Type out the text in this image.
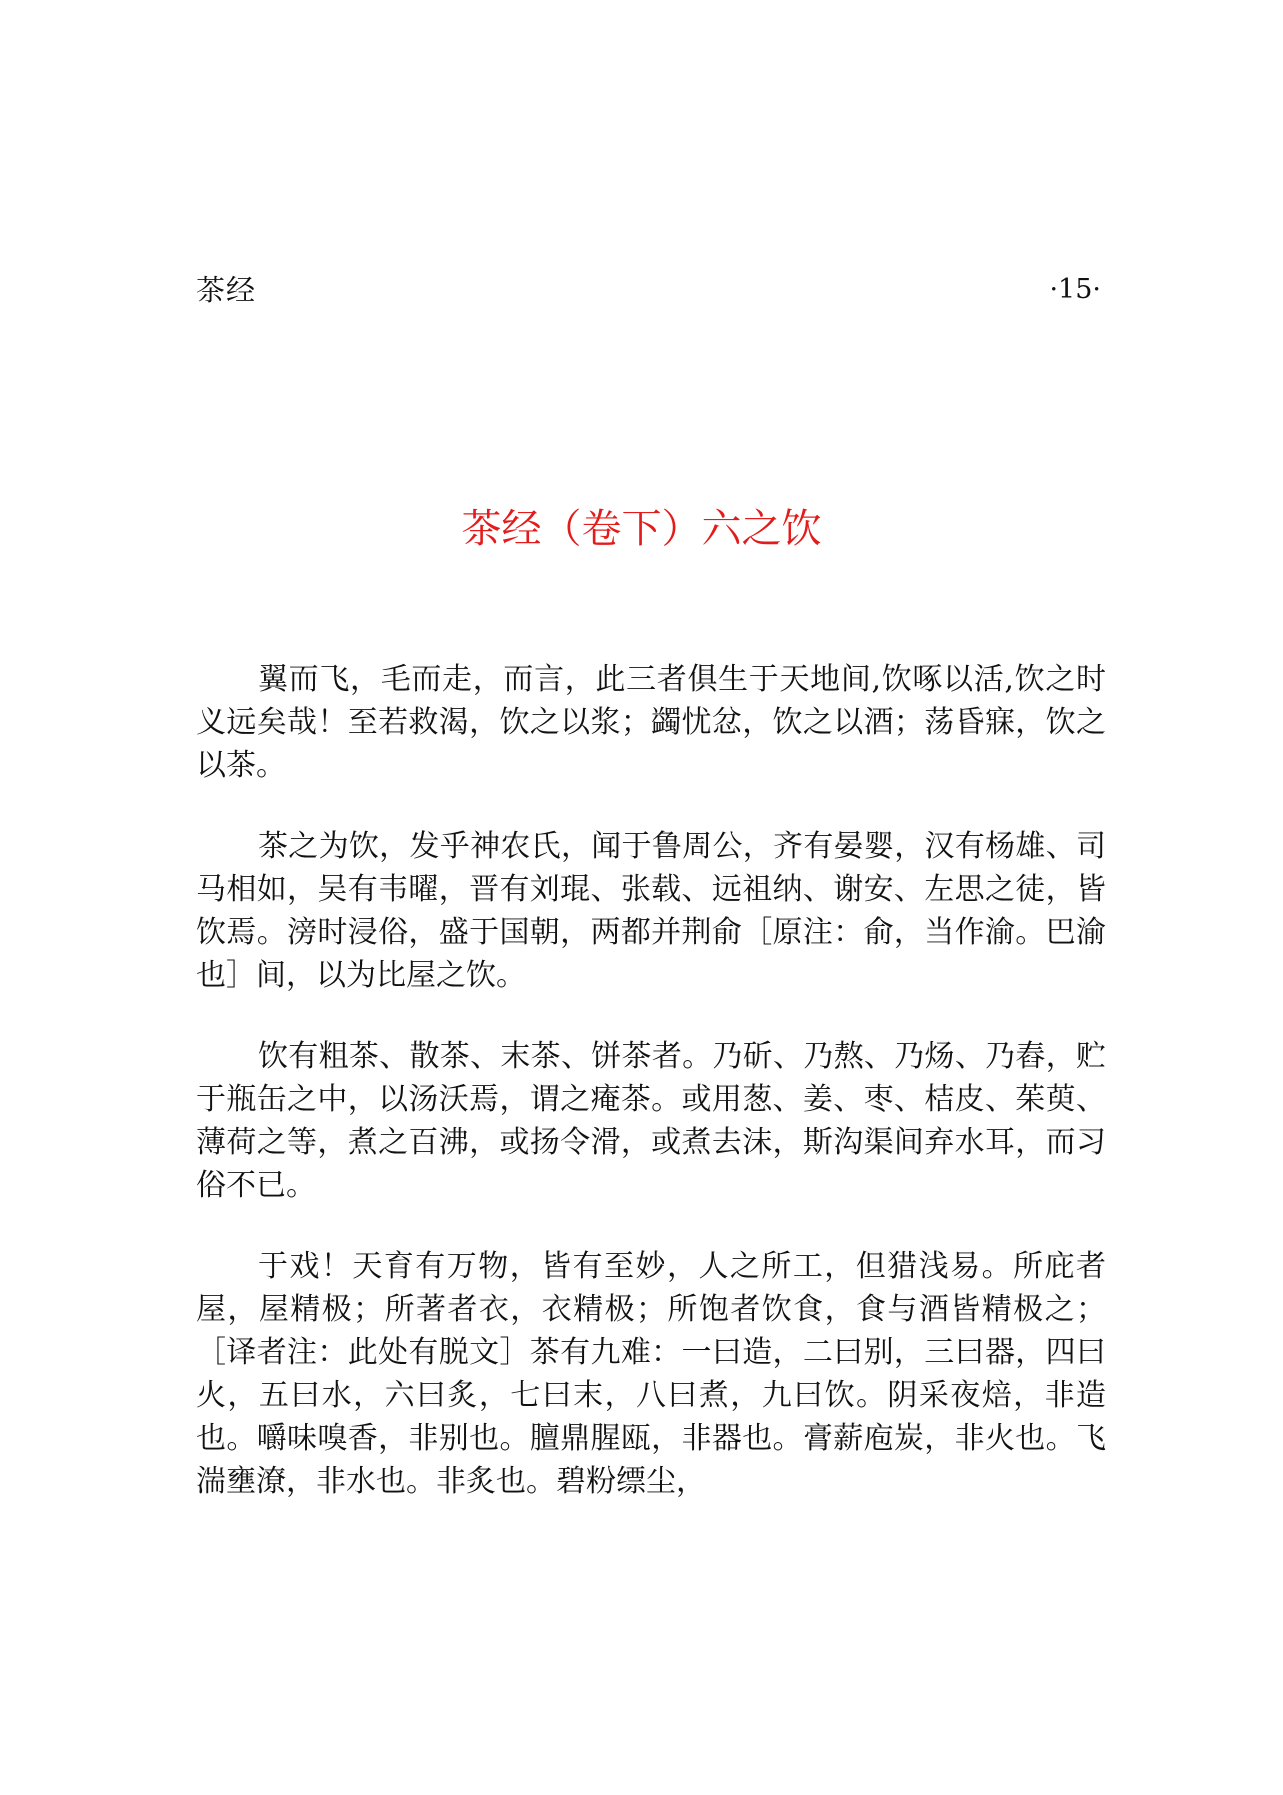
茶经	·15·
茶经（卷下）六之饮

翼而飞，毛而走，而言，此三者俱生于天地间,饮啄以活,饮之时义远矣哉！至若救渴，饮之以浆；蠲忧忿，饮之以酒；荡昏寐，饮之以茶。

茶之为饮，发乎神农氏，闻于鲁周公，齐有晏婴，汉有杨雄、司马相如，吴有韦曜，晋有刘琨、张载、远祖纳、谢安、左思之徒，皆饮焉。滂时浸俗，盛于国朝，两都并荆俞［原注：俞，当作渝。巴渝也］间，以为比屋之饮。

饮有粗茶、散茶、末茶、饼茶者。乃斫、乃熬、乃炀、乃舂，贮于瓶缶之中，以汤沃焉，谓之痷茶。或用葱、姜、枣、桔皮、茱萸、薄荷之等，煮之百沸，或扬令滑，或煮去沫，斯沟渠间弃水耳，而习俗不已。

于戏！天育有万物，皆有至妙，人之所工，但猎浅易。所庇者屋，屋精极；所著者衣，衣精极；所饱者饮食，食与酒皆精极之；［译者注：此处有脱文］茶有九难：一曰造，二曰别，三曰器，四曰火，五曰水，六曰炙，七曰末，八曰煮，九曰饮。阴采夜焙，非造也。嚼味嗅香，非别也。膻鼎腥瓯，非器也。膏薪庖炭，非火也。飞湍壅潦，非水也。非炙也。碧粉缥尘，
